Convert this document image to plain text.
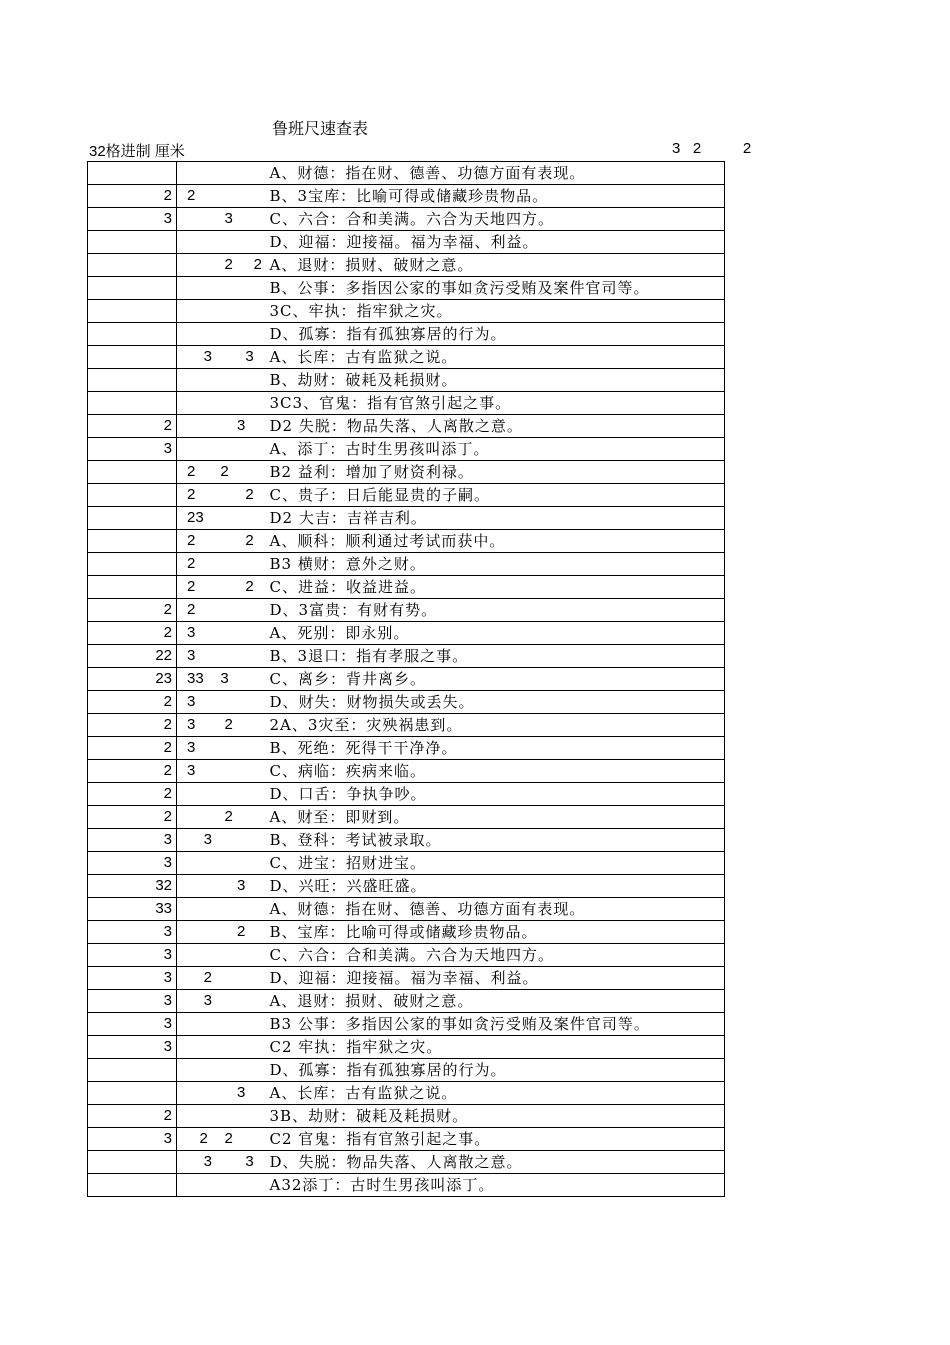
鲁班尺速查表
32格进制 厘米	3   2          2
		A、财德：指在财、德善、功德方面有表现。
2	2	B、3宝库：比喻可得或储藏珍贵物品。
3	3	C、六合：合和美满。六合为天地四方。
		D、迎福：迎接福。福为幸福、利益。
	2     2	A、退财：损财、破财之意。
		B、公事：多指因公家的事如贪污受贿及案件官司等。
		3C、牢执：指牢狱之灾。
		D、孤寡：指有孤独寡居的行为。
	3        3	A、长库：古有监狱之说。
		B、劫财：破耗及耗损财。
		3C3、官鬼：指有官煞引起之事。
2	3	D2 失脱：物品失落、人离散之意。
3		A、添丁：古时生男孩叫添丁。
	2      2	B2 益利：增加了财资利禄。
	2            2	C、贵子：日后能显贵的子嗣。
	23	D2 大吉：吉祥吉利。
	2            2	A、顺科：顺利通过考试而获中。
	2	B3 横财：意外之财。
	2            2	C、进益：收益进益。
2	2	D、3富贵：有财有势。
2	3	A、死别：即永别。
22	3	B、3退口：指有孝服之事。
23	33    3	C、离乡：背井离乡。
2	3	D、财失：财物损失或丢失。
2	3       2	2A、3灾至：灾殃祸患到。
2	3	B、死绝：死得干干净净。
2	3	C、病临：疾病来临。
2		D、口舌：争执争吵。
2	2	A、财至：即财到。
3	3	B、登科：考试被录取。
3		C、进宝：招财进宝。
32	3	D、兴旺：兴盛旺盛。
33		A、财德：指在财、德善、功德方面有表现。
3	2	B、宝库：比喻可得或储藏珍贵物品。
3		C、六合：合和美满。六合为天地四方。
3	2	D、迎福：迎接福。福为幸福、利益。
3	3	A、退财：损财、破财之意。
3		B3 公事：多指因公家的事如贪污受贿及案件官司等。
3		C2 牢执：指牢狱之灾。
		D、孤寡：指有孤独寡居的行为。
	3	A、长库：古有监狱之说。
2		3B、劫财：破耗及耗损财。
3	2    2	C2 官鬼：指有官煞引起之事。
	3        3	D、失脱：物品失落、人离散之意。
		A32添丁：古时生男孩叫添丁。
